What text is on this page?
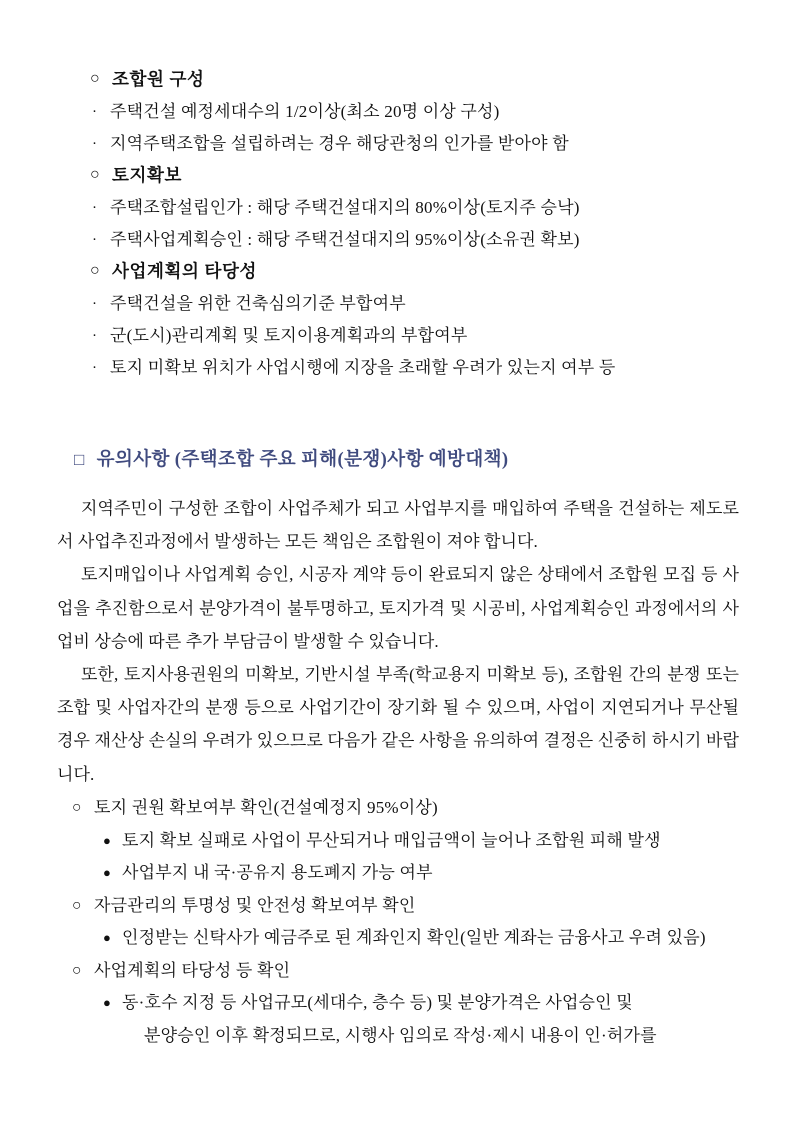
○ 조합원 구성
· 주택건설 예정세대수의 1/2이상(최소 20명 이상 구성)
· 지역주택조합을 설립하려는 경우 해당관청의 인가를 받아야 함
○ 토지확보
· 주택조합설립인가 : 해당 주택건설대지의 80%이상(토지주 승낙)
· 주택사업계획승인 : 해당 주택건설대지의 95%이상(소유권 확보)
○ 사업계획의 타당성
· 주택건설을 위한 건축심의기준 부합여부
· 군(도시)관리계획 및 토지이용계획과의 부합여부
· 토지 미확보 위치가 사업시행에 지장을 초래할 우려가 있는지 여부 등
□ 유의사항 (주택조합 주요 피해(분쟁)사항 예방대책)

지역주민이 구성한 조합이 사업주체가 되고 사업부지를 매입하여 주택을 건설하는 제도로서 사업추진과정에서 발생하는 모든 책임은 조합원이 져야 합니다.

토지매입이나 사업계획 승인, 시공자 계약 등이 완료되지 않은 상태에서 조합원 모집 등 사업을 추진함으로서 분양가격이 불투명하고, 토지가격 및 시공비, 사업계획승인 과정에서의 사업비 상승에 따른 추가 부담금이 발생할 수 있습니다.

또한, 토지사용권원의 미확보, 기반시설 부족(학교용지 미확보 등), 조합원 간의 분쟁 또는 조합 및 사업자간의 분쟁 등으로 사업기간이 장기화 될 수 있으며, 사업이 지연되거나 무산될 경우 재산상 손실의 우려가 있으므로 다음가 같은 사항을 유의하여 결정은 신중히 하시기 바랍니다.

○ 토지 권원 확보여부 확인(건설예정지 95%이상)
● 토지 확보 실패로 사업이 무산되거나 매입금액이 늘어나 조합원 피해 발생
● 사업부지 내 국·공유지 용도폐지 가능 여부
○ 자금관리의 투명성 및 안전성 확보여부 확인
● 인정받는 신탁사가 예금주로 된 계좌인지 확인(일반 계좌는 금융사고 우려 있음)
○ 사업계획의 타당성 등 확인
● 동·호수 지정 등 사업규모(세대수, 층수 등) 및 분양가격은 사업승인 및
분양승인 이후 확정되므로, 시행사 임의로 작성·제시 내용이 인·허가를
